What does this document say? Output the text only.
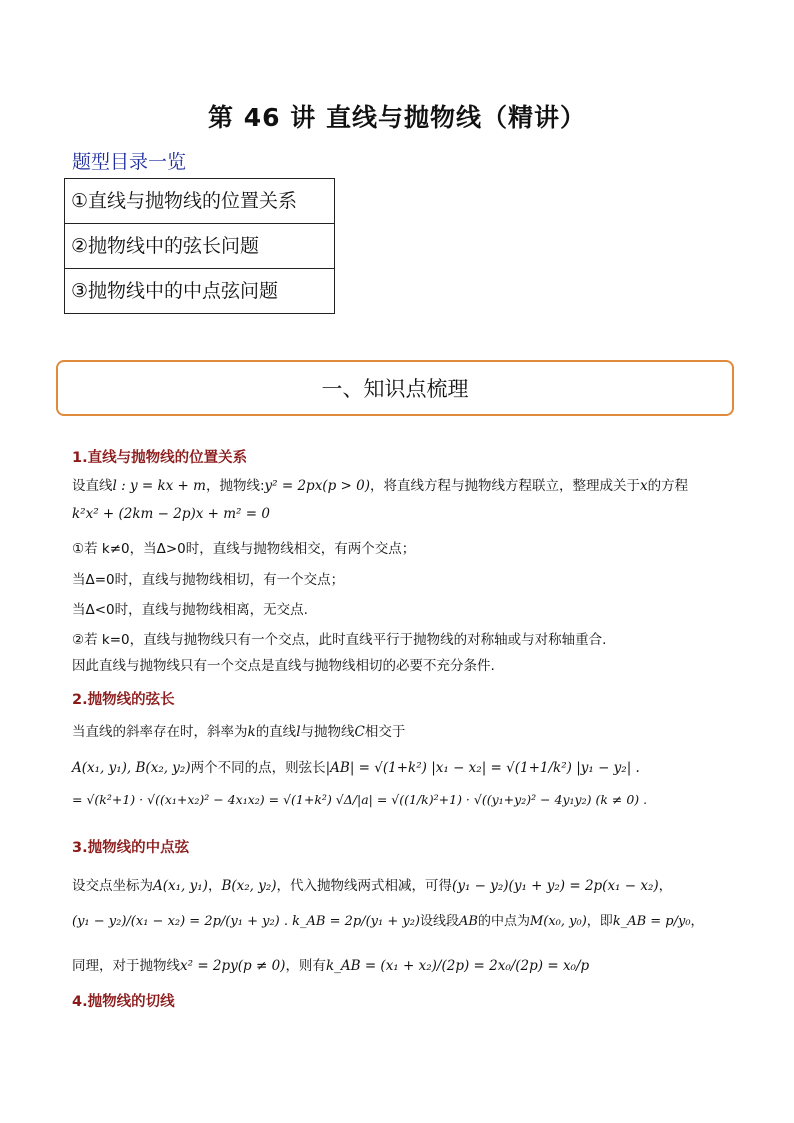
第 46 讲 直线与抛物线（精讲）
题型目录一览
①直线与抛物线的位置关系
②抛物线中的弦长问题
③抛物线中的中点弦问题
一、知识点梳理
1.直线与抛物线的位置关系
设直线l : y = kx + m，抛物线:y² = 2px(p > 0)，将直线方程与抛物线方程联立，整理成关于x的方程
k²x² + (2km − 2p)x + m² = 0
①若 k≠0，当Δ>0时，直线与抛物线相交，有两个交点；
当Δ=0时，直线与抛物线相切，有一个交点；
当Δ<0时，直线与抛物线相离，无交点.
②若 k=0，直线与抛物线只有一个交点，此时直线平行于抛物线的对称轴或与对称轴重合.
因此直线与抛物线只有一个交点是直线与抛物线相切的必要不充分条件.
2.抛物线的弦长
当直线的斜率存在时，斜率为k的直线l与抛物线C相交于
A(x₁, y₁), B(x₂, y₂)两个不同的点，则弦长|AB| = √(1+k²) |x₁ − x₂| = √(1+1/k²) |y₁ − y₂| .
= √(k²+1) · √((x₁+x₂)² − 4x₁x₂) = √(1+k²) √Δ/|a| = √((1/k)²+1) · √((y₁+y₂)² − 4y₁y₂) (k ≠ 0) .
3.抛物线的中点弦
设交点坐标为A(x₁, y₁)，B(x₂, y₂)，代入抛物线两式相减，可得(y₁ − y₂)(y₁ + y₂) = 2p(x₁ − x₂)，
(y₁ − y₂)/(x₁ − x₂) = 2p/(y₁ + y₂) . k_AB = 2p/(y₁ + y₂)设线段AB的中点为M(x₀, y₀)，即k_AB = p/y₀，
同理，对于抛物线x² = 2py(p ≠ 0)，则有k_AB = (x₁ + x₂)/(2p) = 2x₀/(2p) = x₀/p
4.抛物线的切线
